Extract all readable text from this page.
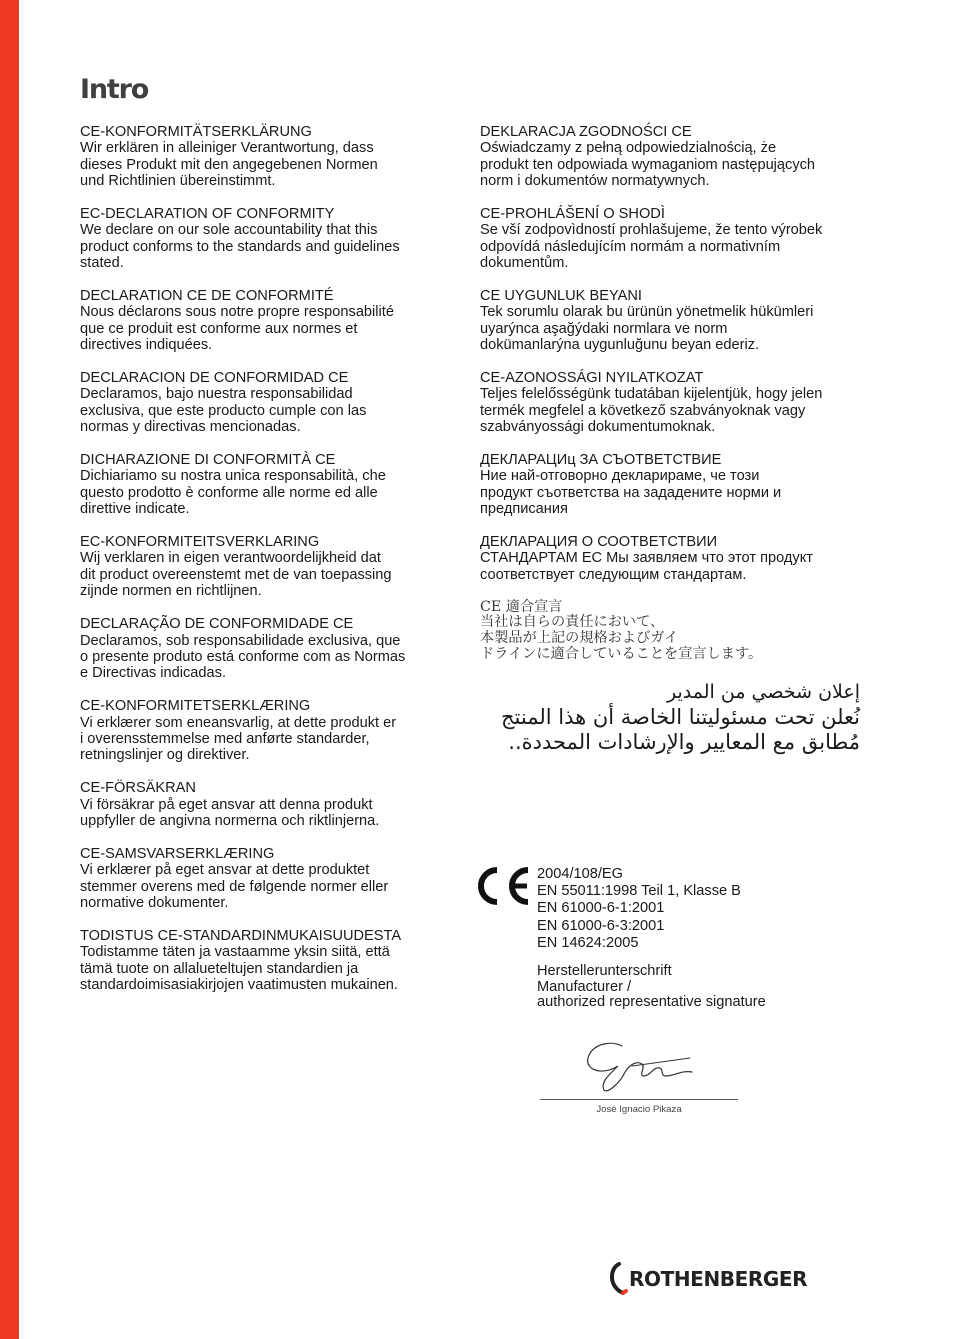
Intro
CE-KONFORMITÄTSERKLÄRUNG
Wir erklären in alleiniger Verantwortung, dass
dieses Produkt mit den angegebenen Normen
und Richtlinien übereinstimmt.
EC-DECLARATION OF CONFORMITY
We declare on our sole accountability that this
product conforms to the standards and guidelines
stated.
DECLARATION CE DE CONFORMITÉ
Nous déclarons sous notre propre responsabilité
que ce produit est conforme aux normes et
directives indiquées.
DECLARACION DE CONFORMIDAD CE
Declaramos, bajo nuestra responsabilidad
exclusiva, que este producto cumple con las
normas y directivas mencionadas.
DICHARAZIONE DI CONFORMITÀ CE
Dichiariamo su nostra unica responsabilità, che
questo prodotto è conforme alle norme ed alle
direttive indicate.
EC-KONFORMITEITSVERKLARING
Wij verklaren in eigen verantwoordelijkheid dat
dit product overeenstemt met de van toepassing
zijnde normen en richtlijnen.
DECLARAÇÃO DE CONFORMIDADE CE
Declaramos, sob responsabilidade exclusiva, que
o presente produto está conforme com as Normas
e Directivas indicadas.
CE-KONFORMITETSERKLÆRING
Vi erklærer som eneansvarlig, at dette produkt er
i overensstemmelse med anførte standarder,
retningslinjer og direktiver.
CE-FÖRSÄKRAN
Vi försäkrar på eget ansvar att denna produkt
uppfyller de angivna normerna och riktlinjerna.
CE-SAMSVARSERKLÆRING
Vi erklærer på eget ansvar at dette produktet
stemmer overens med de følgende normer eller
normative dokumenter.
TODISTUS CE-STANDARDINMUKAISUUDESTA
Todistamme täten ja vastaamme yksin siitä, että
tämä tuote on allalueteltujen standardien ja
standardoimisasiakirjojen vaatimusten mukainen.
DEKLARACJA ZGODNOŚCI CE
Oświadczamy z pełną odpowiedzialnością, że
produkt ten odpowiada wymaganiom następujących
norm i dokumentów normatywnych.
CE-PROHLÁŠENÍ O SHODÌ
Se vší zodpovìdností prohlašujeme, že tento výrobek
odpovídá následujícím normám a normativním
dokumentům.
CE UYGUNLUK BEYANI
Tek sorumlu olarak bu ürünün yönetmelik hükümleri
uyarýnca aşağýdaki normlara ve norm
dokümanlarýna uygunluğunu beyan ederiz.
CE-AZONOSSÁGI NYILATKOZAT
Teljes felelősségünk tudatában kijelentjük, hogy jelen
termék megfelel a következő szabványoknak vagy
szabványossági dokumentumoknak.
ДЕКЛАРАЦИц ЗА СЪОТВЕТСТВИЕ
Ние най-отговорно декларираме, че този
продукт съответства на зададените норми и
предписания
ДЕКЛАРАЦИЯ О СООТВЕТСТВИИ
СТАНДАРТАМ ЕС Мы заявляем что этот продукт
соответствует следующим стандартам.
CE 適合宣言
当社は自らの責任において、
本製品が上記の規格およびガイ
ドラインに適合していることを宣言します。
إعلان شخصي من المدير
نُعلن تحت مسئوليتنا الخاصة أن هذا المنتج
مُطابق مع المعايير والإرشادات المحددة..
2004/108/EG
EN 55011:1998 Teil 1, Klasse B
EN 61000-6-1:2001
EN 61000-6-3:2001
EN 14624:2005
Herstellerunterschrift
Manufacturer /
authorized representative signature
José Ignacio Pikaza
ROTHENBERGER
